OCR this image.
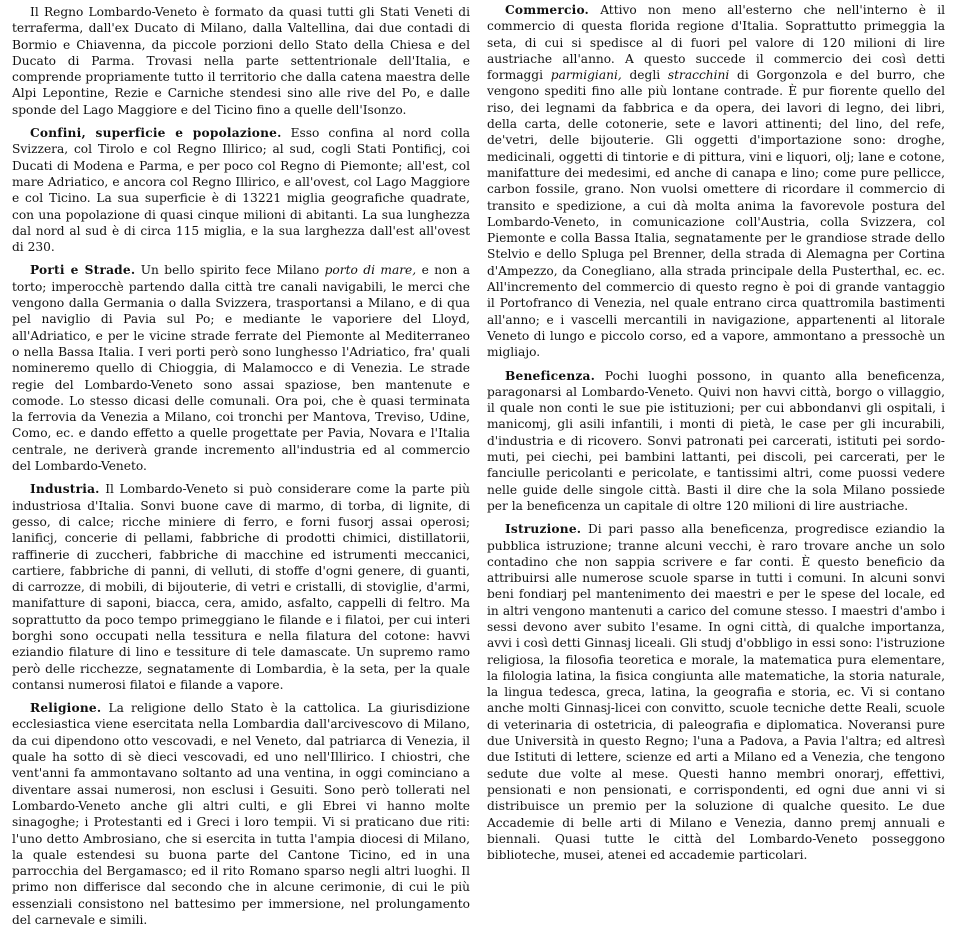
Il Regno Lombardo-Veneto è formato da quasi tutti gli Stati Veneti di terraferma, dall'ex Ducato di Milano, dalla Valtellina, dai due contadi di Bormio e Chiavenna, da piccole porzioni dello Stato della Chiesa e del Ducato di Parma. Trovasi nella parte settentrionale dell'Italia, e comprende propriamente tutto il territorio che dalla catena maestra delle Alpi Lepontine, Rezie e Carniche stendesi sino alle rive del Po, e dalle sponde del Lago Maggiore e del Ticino fino a quelle dell'Isonzo.

Confini, superficie e popolazione. Esso confina al nord colla Svizzera, col Tirolo e col Regno Illirico; al sud, cogli Stati Pontificj, coi Ducati di Modena e Parma, e per poco col Regno di Piemonte; all'est, col mare Adriatico, e ancora col Regno Illirico, e all'ovest, col Lago Maggiore e col Ticino. La sua superficie è di 13221 miglia geografiche quadrate, con una popolazione di quasi cinque milioni di abitanti. La sua lunghezza dal nord al sud è di circa 115 miglia, e la sua larghezza dall'est all'ovest di 230.

Porti e Strade. Un bello spirito fece Milano porto di mare, e non a torto; imperocchè partendo dalla città tre canali navigabili, le merci che vengono dalla Germania o dalla Svizzera, trasportansi a Milano, e di qua pel naviglio di Pavia sul Po; e mediante le vaporiere del Lloyd, all'Adriatico, e per le vicine strade ferrate del Piemonte al Mediterraneo o nella Bassa Italia. I veri porti però sono lunghesso l'Adriatico, fra' quali nomineremo quello di Chioggia, di Malamocco e di Venezia. Le strade regie del Lombardo-Veneto sono assai spaziose, ben mantenute e comode. Lo stesso dicasi delle comunali. Ora poi, che è quasi terminata la ferrovia da Venezia a Milano, coi tronchi per Mantova, Treviso, Udine, Como, ec. e dando effetto a quelle progettate per Pavia, Novara e l'Italia centrale, ne deriverà grande incremento all'industria ed al commercio del Lombardo-Veneto.

Industria. Il Lombardo-Veneto si può considerare come la parte più industriosa d'Italia. Sonvi buone cave di marmo, di torba, di lignite, di gesso, di calce; ricche miniere di ferro, e forni fusorj assai operosi; lanificj, concerie di pellami, fabbriche di prodotti chimici, distillatorii, raffinerie di zuccheri, fabbriche di macchine ed istrumenti meccanici, cartiere, fabbriche di panni, di velluti, di stoffe d'ogni genere, di guanti, di carrozze, di mobili, di bijouterie, di vetri e cristalli, di stoviglie, d'armi, manifatture di saponi, biacca, cera, amido, asfalto, cappelli di feltro. Ma soprattutto da poco tempo primeggiano le filande e i filatoi, per cui interi borghi sono occupati nella tessitura e nella filatura del cotone: havvi eziandio filature di lino e tessiture di tele damascate. Un supremo ramo però delle ricchezze, segnatamente di Lombardia, è la seta, per la quale contansi numerosi filatoi e filande a vapore.

Religione. La religione dello Stato è la cattolica. La giurisdizione ecclesiastica viene esercitata nella Lombardia dall'arcivescovo di Milano, da cui dipendono otto vescovadi, e nel Veneto, dal patriarca di Venezia, il quale ha sotto di sè dieci vescovadi, ed uno nell'Illirico. I chiostri, che vent'anni fa ammontavano soltanto ad una ventina, in oggi cominciano a diventare assai numerosi, non esclusi i Gesuiti. Sono però tollerati nel Lombardo-Veneto anche gli altri culti, e gli Ebrei vi hanno molte sinagoghe; i Protestanti ed i Greci i loro tempii. Vi si praticano due riti: l'uno detto Ambrosiano, che si esercita in tutta l'ampia diocesi di Milano, la quale estendesi su buona parte del Cantone Ticino, ed in una parrocchia del Bergamasco; ed il rito Romano sparso negli altri luoghi. Il primo non differisce dal secondo che in alcune cerimonie, di cui le più essenziali consistono nel battesimo per immersione, nel prolungamento del carnevale e simili.

Commercio. Attivo non meno all'esterno che nell'interno è il commercio di questa florida regione d'Italia. Soprattutto primeggia la seta, di cui si spedisce al di fuori pel valore di 120 milioni di lire austriache all'anno. A questo succede il commercio dei così detti formaggi parmigiani, degli stracchini di Gorgonzola e del burro, che vengono spediti fino alle più lontane contrade. È pur fiorente quello del riso, dei legnami da fabbrica e da opera, dei lavori di legno, dei libri, della carta, delle cotonerie, sete e lavori attinenti; del lino, del refe, de'vetri, delle bijouterie. Gli oggetti d'importazione sono: droghe, medicinali, oggetti di tintorie e di pittura, vini e liquori, olj; lane e cotone, manifatture dei medesimi, ed anche di canapa e lino; come pure pellicce, carbon fossile, grano. Non vuolsi omettere di ricordare il commercio di transito e spedizione, a cui dà molta anima la favorevole postura del Lombardo-Veneto, in comunicazione coll'Austria, colla Svizzera, col Piemonte e colla Bassa Italia, segnatamente per le grandiose strade dello Stelvio e dello Spluga pel Brenner, della strada di Alemagna per Cortina d'Ampezzo, da Conegliano, alla strada principale della Pusterthal, ec. ec. All'incremento del commercio di questo regno è poi di grande vantaggio il Portofranco di Venezia, nel quale entrano circa quattromila bastimenti all'anno; e i vascelli mercantili in navigazione, appartenenti al litorale Veneto di lungo e piccolo corso, ed a vapore, ammontano a pressochè un migliajo.

Beneficenza. Pochi luoghi possono, in quanto alla beneficenza, paragonarsi al Lombardo-Veneto. Quivi non havvi città, borgo o villaggio, il quale non conti le sue pie istituzioni; per cui abbondanvi gli ospitali, i manicomj, gli asili infantili, i monti di pietà, le case per gli incurabili, d'industria e di ricovero. Sonvi patronati pei carcerati, istituti pei sordo-muti, pei ciechi, pei bambini lattanti, pei discoli, pei carcerati, per le fanciulle pericolanti e pericolate, e tantissimi altri, come puossi vedere nelle guide delle singole città. Basti il dire che la sola Milano possiede per la beneficenza un capitale di oltre 120 milioni di lire austriache.

Istruzione. Di pari passo alla beneficenza, progredisce eziandio la pubblica istruzione; tranne alcuni vecchi, è raro trovare anche un solo contadino che non sappia scrivere e far conti. È questo beneficio da attribuirsi alle numerose scuole sparse in tutti i comuni. In alcuni sonvi beni fondiarj pel mantenimento dei maestri e per le spese del locale, ed in altri vengono mantenuti a carico del comune stesso. I maestri d'ambo i sessi devono aver subito l'esame. In ogni città, di qualche importanza, avvi i così detti Ginnasj liceali. Gli studj d'obbligo in essi sono: l'istruzione religiosa, la filosofia teoretica e morale, la matematica pura elementare, la filologia latina, la fisica congiunta alle matematiche, la storia naturale, la lingua tedesca, greca, latina, la geografia e storia, ec. Vi si contano anche molti Ginnasj-licei con convitto, scuole tecniche dette Reali, scuole di veterinaria di ostetricia, di paleografia e diplomatica. Noveransi pure due Università in questo Regno; l'una a Padova, a Pavia l'altra; ed altresì due Istituti di lettere, scienze ed arti a Milano ed a Venezia, che tengono sedute due volte al mese. Questi hanno membri onorarj, effettivi, pensionati e non pensionati, e corrispondenti, ed ogni due anni vi si distribuisce un premio per la soluzione di qualche quesito. Le due Accademie di belle arti di Milano e Venezia, danno premj annuali e biennali. Quasi tutte le città del Lombardo-Veneto posseggono biblioteche, musei, atenei ed accademie particolari.
